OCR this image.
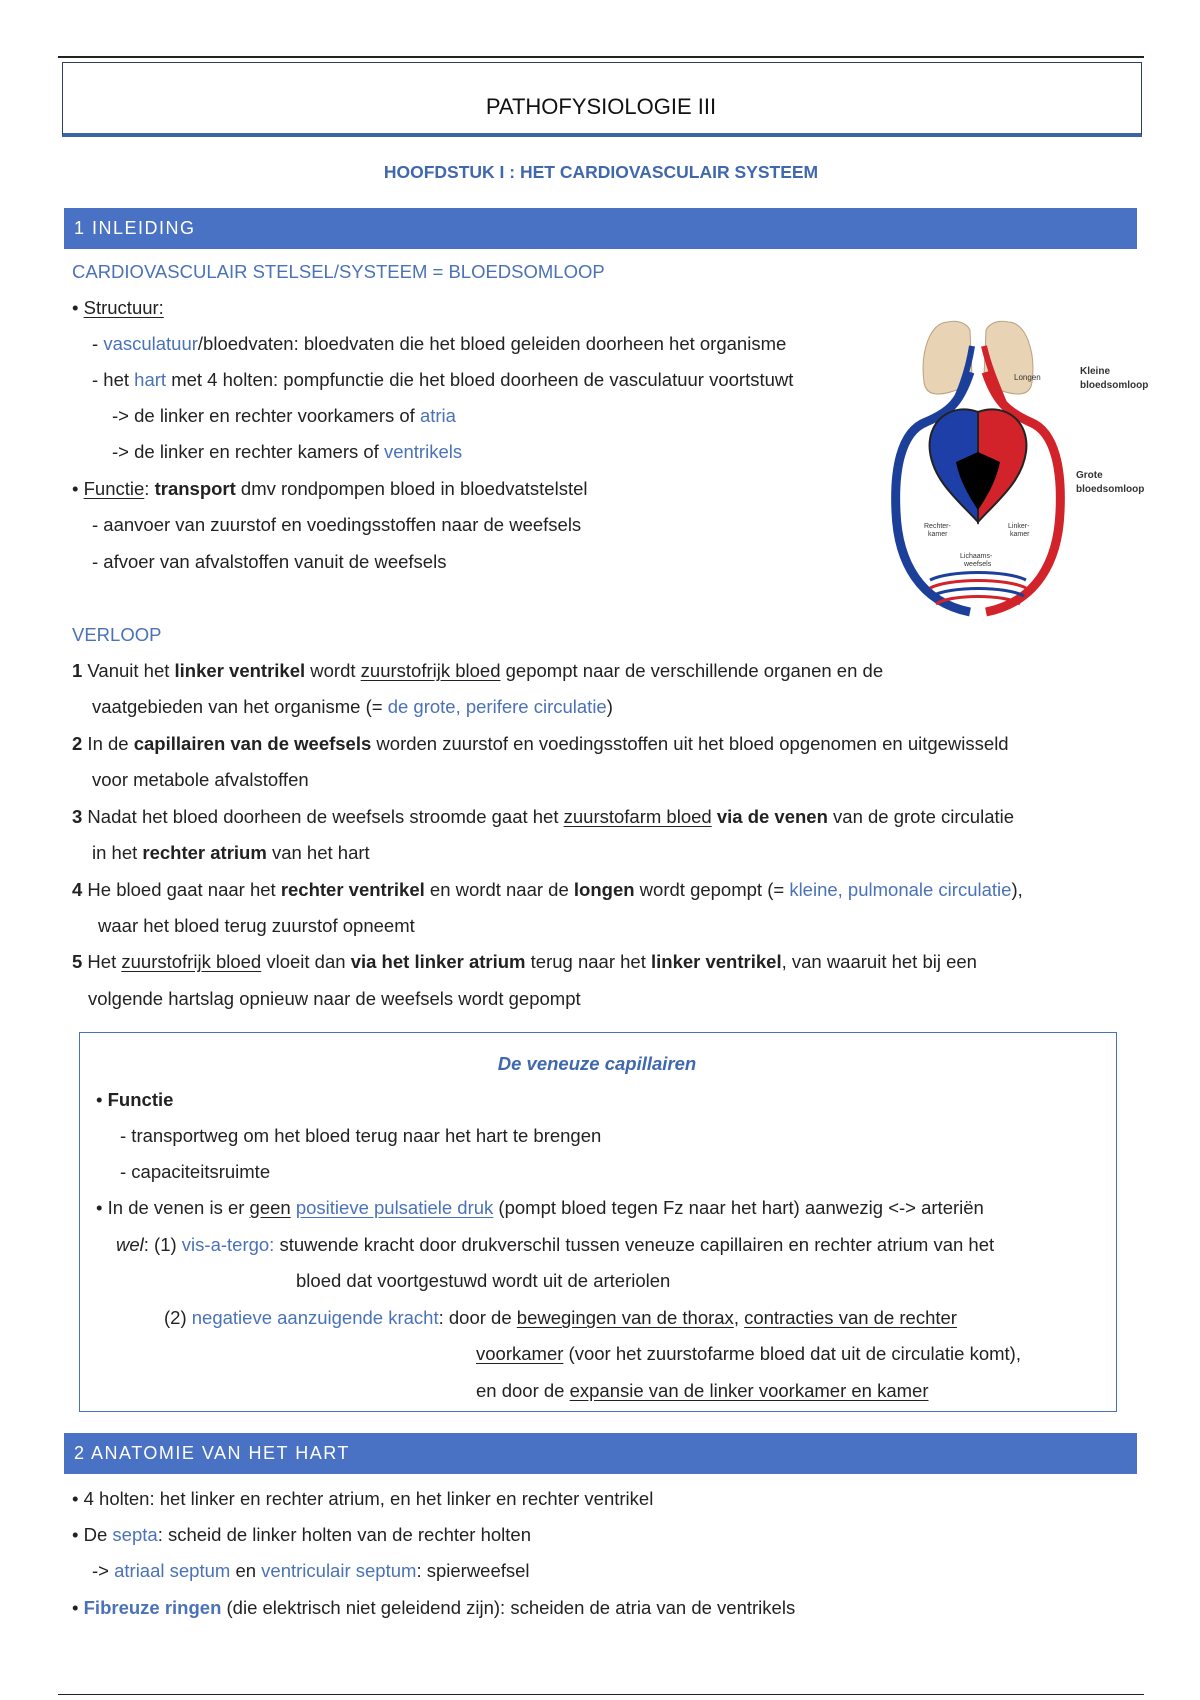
PATHOFYSIOLOGIE III
HOOFDSTUK I : HET CARDIOVASCULAIR SYSTEEM
1 INLEIDING
CARDIOVASCULAIR STELSEL/SYSTEEM = BLOEDSOMLOOP
• Structuur:
- vasculatuur/bloedvaten: bloedvaten die het bloed geleiden doorheen het organisme
- het hart met 4 holten: pompfunctie die het bloed doorheen de vasculatuur voortstuwt
-> de linker en rechter voorkamers of atria
-> de linker en rechter kamers of ventrikels
• Functie: transport dmv rondpompen bloed in bloedvatstelstel
- aanvoer van zuurstof en voedingsstoffen naar de weefsels
- afvoer van afvalstoffen vanuit de weefsels
Longen
Kleine
bloedsomloop
Grote
bloedsomloop
Rechter-
kamer
Linker-
kamer
Lichaams-
weefsels
VERLOOP
1 Vanuit het linker ventrikel wordt zuurstofrijk bloed gepompt naar de verschillende organen en de
vaatgebieden van het organisme (= de grote, perifere circulatie)
2 In de capillairen van de weefsels worden zuurstof en voedingsstoffen uit het bloed opgenomen en uitgewisseld
voor metabole afvalstoffen
3 Nadat het bloed doorheen de weefsels stroomde gaat het zuurstofarm bloed via de venen van de grote circulatie
in het rechter atrium van het hart
4 He bloed gaat naar het rechter ventrikel en wordt naar de longen wordt gepompt (= kleine, pulmonale circulatie),
waar het bloed terug zuurstof opneemt
5 Het zuurstofrijk bloed vloeit dan via het linker atrium terug naar het linker ventrikel, van waaruit het bij een
volgende hartslag opnieuw naar de weefsels wordt gepompt
De veneuze capillairen
• Functie
- transportweg om het bloed terug naar het hart te brengen
- capaciteitsruimte
• In de venen is er geen positieve pulsatiele druk (pompt bloed tegen Fz naar het hart) aanwezig <-> arteriën
wel: (1) vis-a-tergo: stuwende kracht door drukverschil tussen veneuze capillairen en rechter atrium van het
bloed dat voortgestuwd wordt uit de arteriolen
(2) negatieve aanzuigende kracht: door de bewegingen van de thorax, contracties van de rechter
voorkamer (voor het zuurstofarme bloed dat uit de circulatie komt),
en door de expansie van de linker voorkamer en kamer
2 ANATOMIE VAN HET HART
• 4 holten: het linker en rechter atrium, en het linker en rechter ventrikel
• De septa: scheid de linker holten van de rechter holten
-> atriaal septum en ventriculair septum: spierweefsel
• Fibreuze ringen (die elektrisch niet geleidend zijn): scheiden de atria van de ventrikels
